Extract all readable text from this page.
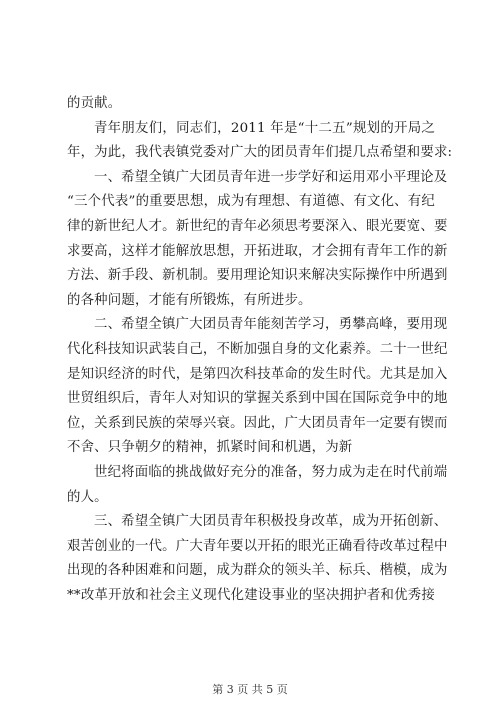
的贡献。
青年朋友们，同志们，2011 年是“十二五”规划的开局之
年，为此，我代表镇党委对广大的团员青年们提几点希望和要求:
一、希望全镇广大团员青年进一步学好和运用邓小平理论及
“三个代表”的重要思想，成为有理想、有道德、有文化、有纪
律的新世纪人才。新世纪的青年必须思考要深入、眼光要宽、要
求要高，这样才能解放思想，开拓进取，才会拥有青年工作的新
方法、新手段、新机制。要用理论知识来解决实际操作中所遇到
的各种问题，才能有所锻炼，有所进步。
二、希望全镇广大团员青年能刻苦学习，勇攀高峰，要用现
代化科技知识武装自己，不断加强自身的文化素养。二十一世纪
是知识经济的时代，是第四次科技革命的发生时代。尤其是加入
世贸组织后，青年人对知识的掌握关系到中国在国际竞争中的地
位，关系到民族的荣辱兴衰。因此，广大团员青年一定要有锲而
不舍、只争朝夕的精神，抓紧时间和机遇，为新
世纪将面临的挑战做好充分的准备，努力成为走在时代前端
的人。
三、希望全镇广大团员青年积极投身改革，成为开拓创新、
艰苦创业的一代。广大青年要以开拓的眼光正确看待改革过程中
出现的各种困难和问题，成为群众的领头羊、标兵、楷模，成为
**改革开放和社会主义现代化建设事业的坚决拥护者和优秀接
第 3 页 共 5 页
